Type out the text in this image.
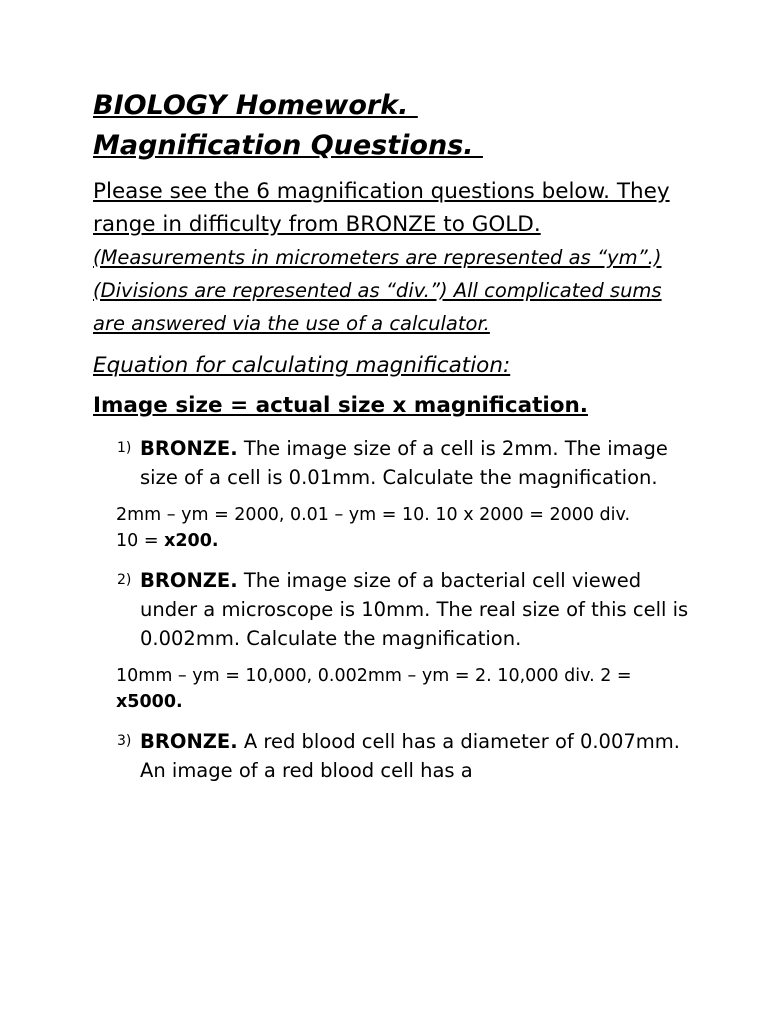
BIOLOGY Homework.
Magnification Questions.

Please see the 6 magnification questions below. They range in difficulty from BRONZE to GOLD. (Measurements in micrometers are represented as “ym”.) (Divisions are represented as “div.”) All complicated sums are answered via the use of a calculator.

Equation for calculating magnification:

Image size = actual size x magnification.

1) BRONZE. The image size of a cell is 2mm. The image size of a cell is 0.01mm. Calculate the magnification.
2mm – ym = 2000, 0.01 – ym = 10. 10 x 2000 = 2000 div. 10 = x200.
2) BRONZE. The image size of a bacterial cell viewed under a microscope is 10mm. The real size of this cell is 0.002mm. Calculate the magnification.
10mm – ym = 10,000, 0.002mm – ym = 2. 10,000 div. 2 = x5000.
3) BRONZE. A red blood cell has a diameter of 0.007mm. An image of a red blood cell has a
